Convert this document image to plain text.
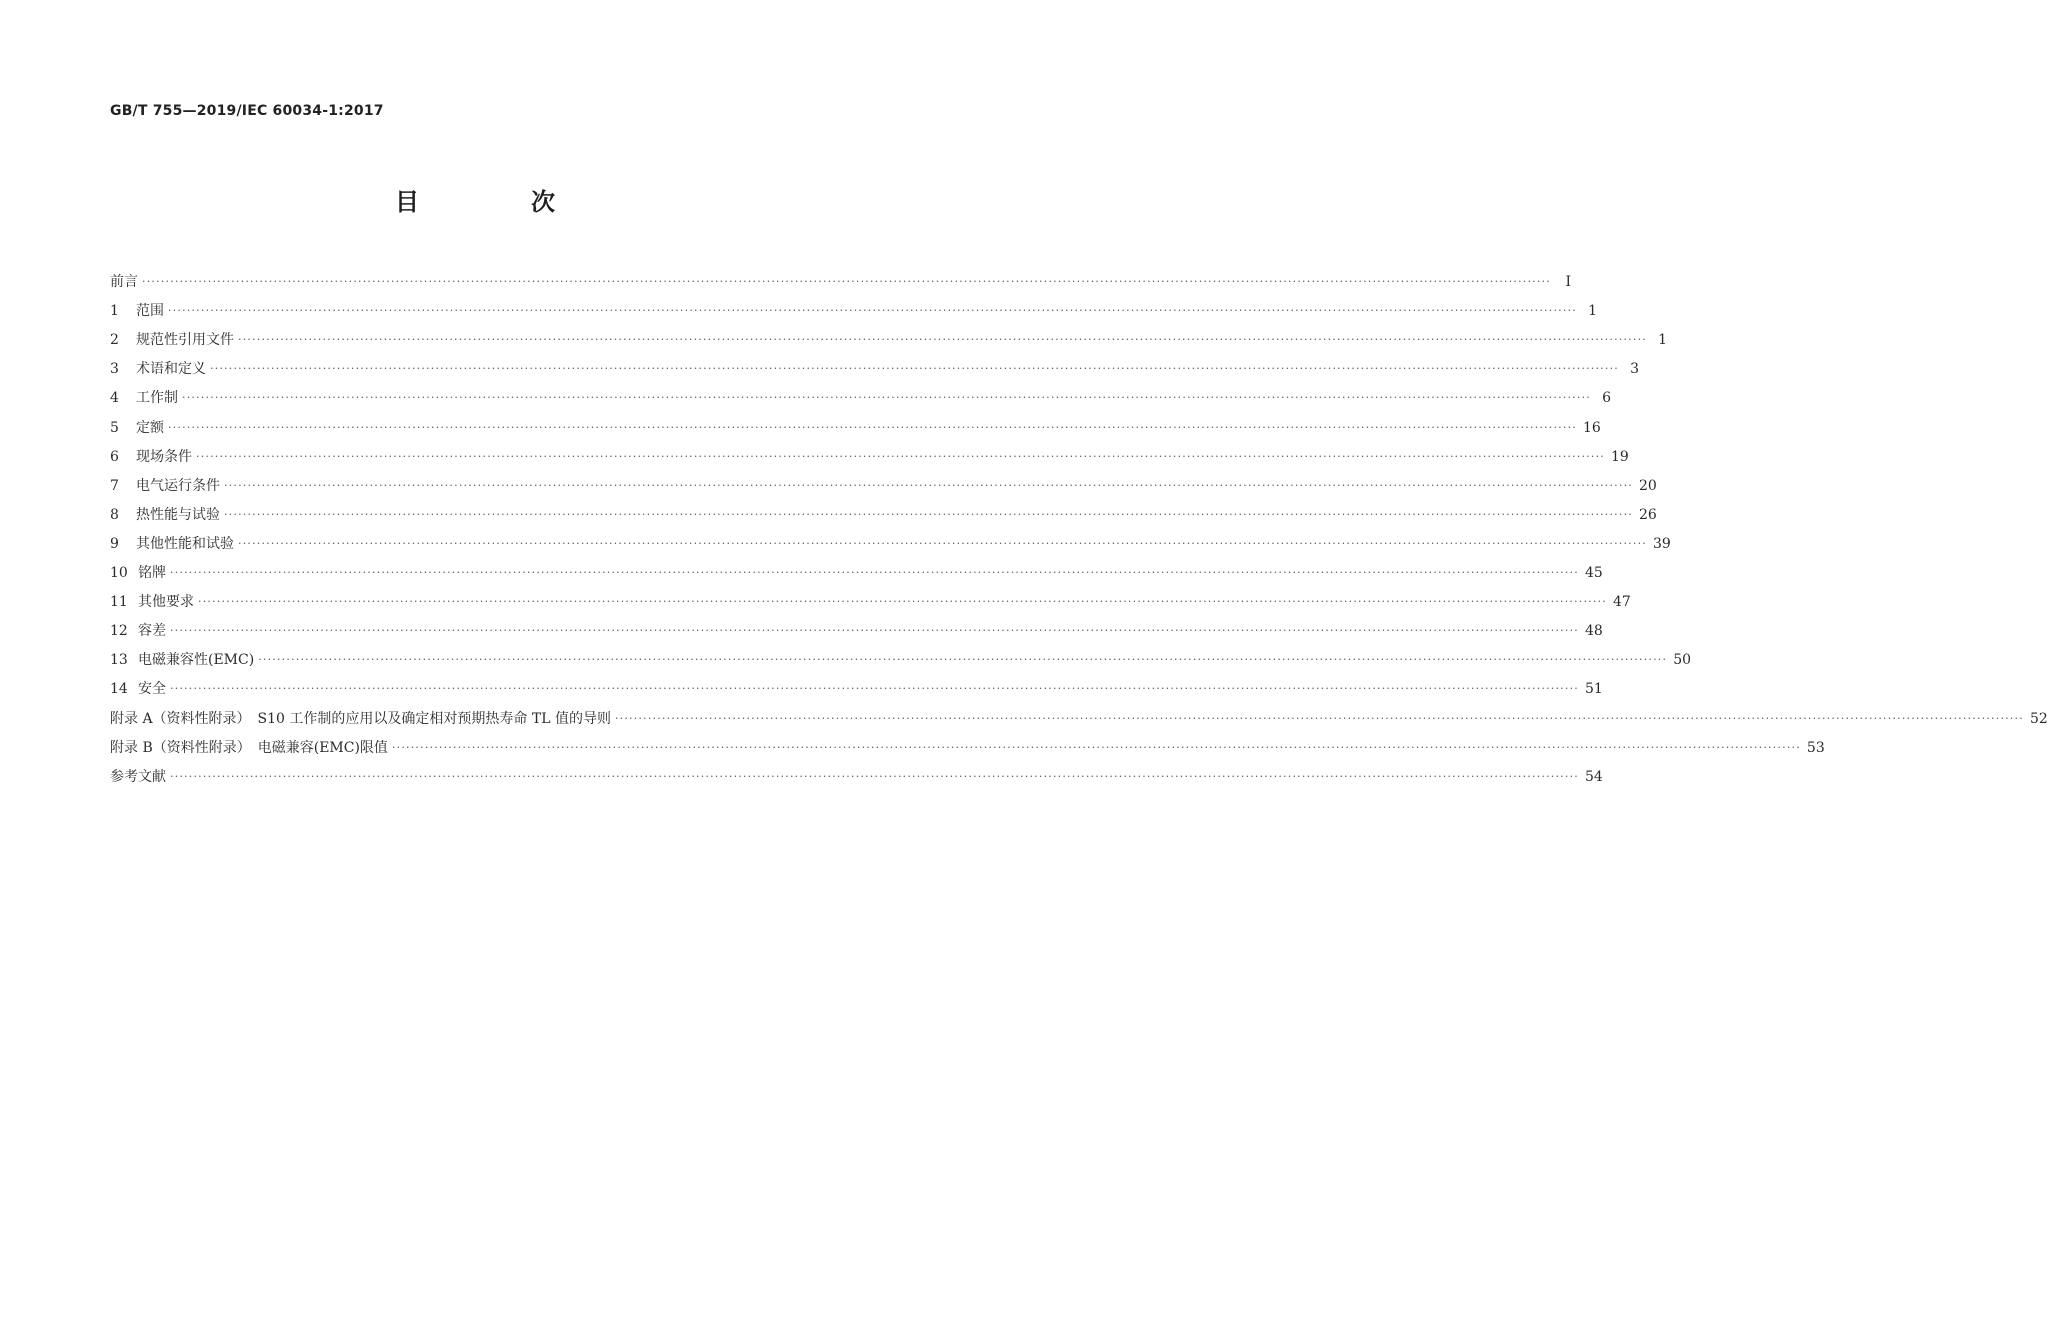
GB/T 755—2019/IEC 60034-1:2017
目　次
前言 ············································································································································································································································································································	Ⅰ
1 范围 ············································································································································································································································································································ 1
2 规范性引用文件 ············································································································································································································································································································ 1
3 术语和定义 ············································································································································································································································································································ 3
4 工作制 ············································································································································································································································································································ 6
5 定额 ············································································································································································································································································································ 16
6 现场条件 ············································································································································································································································································································ 19
7 电气运行条件 ············································································································································································································································································································ 20
8 热性能与试验 ············································································································································································································································································································ 26
9 其他性能和试验 ············································································································································································································································································································ 39
10 铭牌 ············································································································································································································································································································ 45
11 其他要求 ············································································································································································································································································································ 47
12 容差 ············································································································································································································································································································ 48
13 电磁兼容性(EMC) ············································································································································································································································································································ 50
14 安全 ············································································································································································································································································································ 51
附录 A（资料性附录）　S10 工作制的应用以及确定相对预期热寿命 TL 值的导则 ············································································································································································································································································································ 52
附录 B（资料性附录）　电磁兼容(EMC)限值 ············································································································································································································································································································ 53
参考文献 ············································································································································································································································································································ 54
